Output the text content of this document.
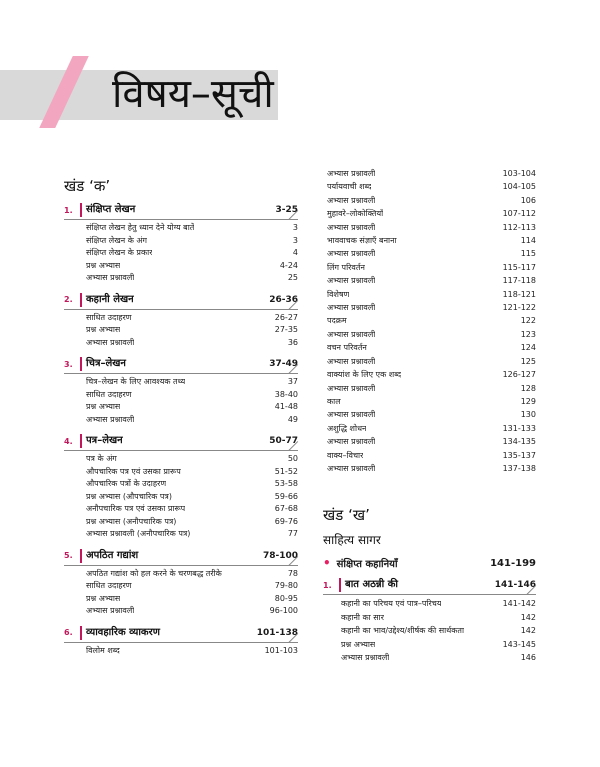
विषय–सूची
खंड ‘क’
1.	संक्षिप्त लेखन	3-25
संक्षिप्त लेखन हेतु ध्यान देने योग्य बातें	3
संक्षिप्त लेखन के अंग	3
संक्षिप्त लेखन के प्रकार	4
प्रश्न अभ्यास	4-24
अभ्यास प्रश्नावली	25
2.	कहानी लेखन	26-36
साधित उदाहरण	26-27
प्रश्न अभ्यास	27-35
अभ्यास प्रश्नावली	36
3.	चित्र–लेखन	37-49
चित्र–लेखन के लिए आवश्यक तथ्य	37
साधित उदाहरण	38-40
प्रश्न अभ्यास	41-48
अभ्यास प्रश्नावली	49
4.	पत्र–लेखन	50-77
पत्र के अंग	50
औपचारिक पत्र एवं उसका प्रारूप	51-52
औपचारिक पत्रों के उदाहरण	53-58
प्रश्न अभ्यास (औपचारिक पत्र)	59-66
अनौपचारिक पत्र एवं उसका प्रारूप	67-68
प्रश्न अभ्यास (अनौपचारिक पत्र)	69-76
अभ्यास प्रश्नावली (अनौपचारिक पत्र)	77
5.	अपठित गद्यांश	78-100
अपठित गद्यांश को हल करने के चरणबद्ध तरीके	78
साधित उदाहरण	79-80
प्रश्न अभ्यास	80-95
अभ्यास प्रश्नावली	96-100
6.	व्यावहारिक व्याकरण	101-138
विलोम शब्द	101-103
अभ्यास प्रश्नावली	103-104
पर्यायवाची शब्द	104-105
अभ्यास प्रश्नावली	106
मुहावरे–लोकोक्तियाँ	107-112
अभ्यास प्रश्नावली	112-113
भाववाचक संज्ञाएँ बनाना	114
अभ्यास प्रश्नावली	115
लिंग परिवर्तन	115-117
अभ्यास प्रश्नावली	117-118
विशेषण	118-121
अभ्यास प्रश्नावली	121-122
पदक्रम	122
अभ्यास प्रश्नावली	123
वचन परिवर्तन	124
अभ्यास प्रश्नावली	125
वाक्यांश के लिए एक शब्द	126-127
अभ्यास प्रश्नावली	128
काल	129
अभ्यास प्रश्नावली	130
अशुद्धि शोधन	131-133
अभ्यास प्रश्नावली	134-135
वाक्य–विचार	135-137
अभ्यास प्रश्नावली	137-138
खंड ‘ख’
साहित्य सागर
• संक्षिप्त कहानियाँ	141-199
1.	बात अठन्नी की	141-146
कहानी का परिचय एवं पात्र–परिचय	141-142
कहानी का सार	142
कहानी का भाव/उद्देश्य/शीर्षक की सार्थकता	142
प्रश्न अभ्यास	143-145
अभ्यास प्रश्नावली	146
